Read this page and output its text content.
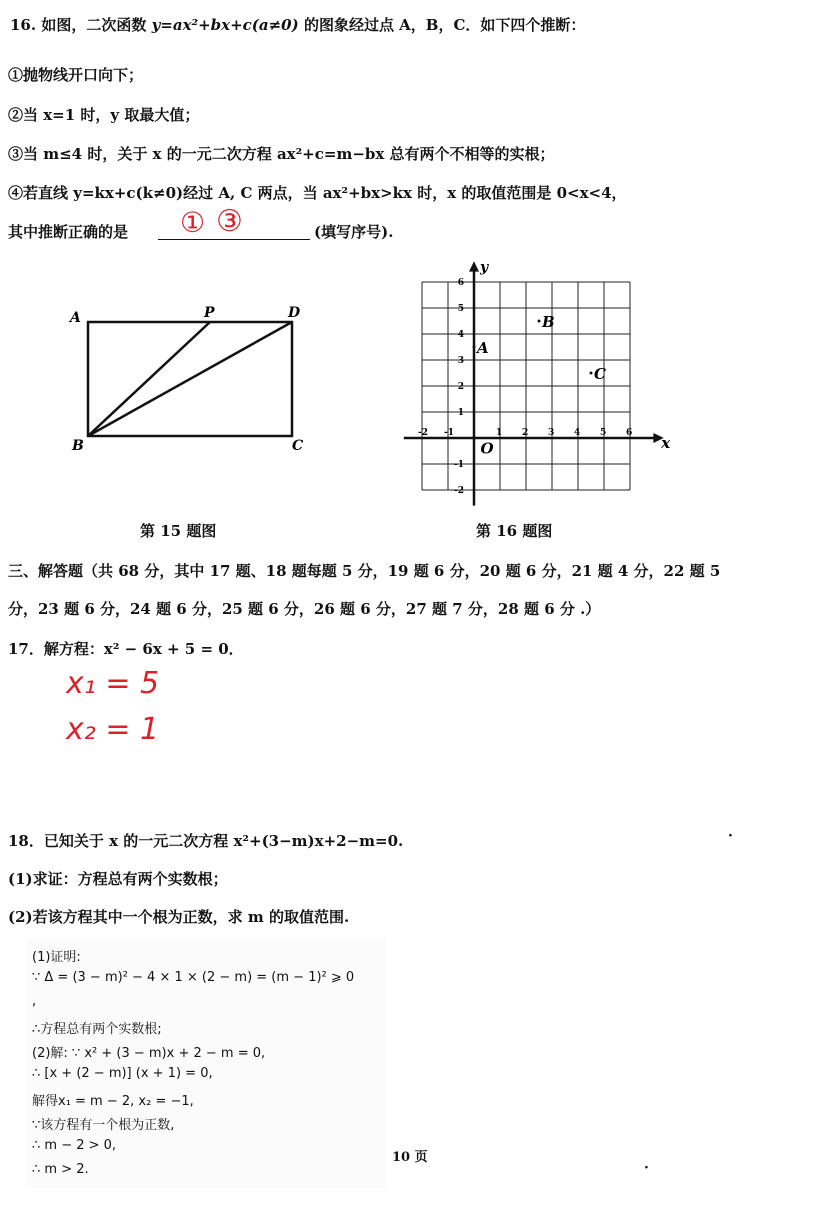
16. 如图，二次函数 y=ax²+bx+c(a≠0) 的图象经过点 A，B，C．如下四个推断：
①抛物线开口向下；
②当 x=1 时，y 取最大值；
③当 m≤4 时，关于 x 的一元二次方程 ax²+c=m−bx 总有两个不相等的实根；
④若直线 y=kx+c(k≠0)经过 A, C 两点，当 ax²+bx>kx 时，x 的取值范围是 0<x<4，
其中推断正确的是 ① ③	(填写序号).
A	P	D
B	C
第 15 题图
x
y
O
-2 -1	1 2 3 4 5 6
6
5
4
3
2
1
-1
-2
A
B
C
第 16 题图
三、解答题（共 68 分，其中 17 题、18 题每题 5 分，19 题 6 分，20 题 6 分，21 题 4 分，22 题 5
分，23 题 6 分，24 题 6 分，25 题 6 分，26 题 6 分，27 题 7 分，28 题 6 分 .）
17．解方程：x² − 6x + 5 = 0．
x₁ = 5
x₂ = 1
18．已知关于 x 的一元二次方程 x²+(3−m)x+2−m=0.	·
(1)求证：方程总有两个实数根；
(2)若该方程其中一个根为正数，求 m 的取值范围.
(1)证明:
∵ Δ = (3 − m)² − 4 × 1 × (2 − m) = (m − 1)² ⩾ 0
,
∴方程总有两个实数根;
(2)解: ∵ x² + (3 − m)x + 2 − m = 0,
∴ [x + (2 − m)] (x + 1) = 0,
解得x₁ = m − 2, x₂ = −1,
∵该方程有一个根为正数,
∴ m − 2 > 0,
∴ m > 2.
10 页
·
